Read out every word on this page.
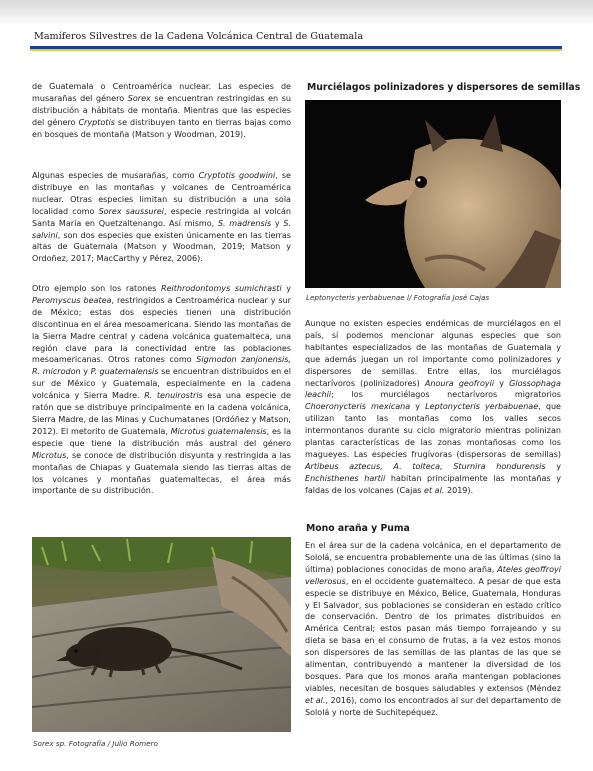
Mamíferos Silvestres de la Cadena Volcánica Central de Guatemala

de Guatemala o Centroamérica nuclear. Las especies de musarañas del género Sorex se encuentran restringidas en su distribución a hábitats de montaña. Mientras que las especies del género Cryptotis se distribuyen tanto en tierras bajas como en bosques de montaña (Matson y Woodman, 2019).

Algunas especies de musarañas, como Cryptotis goodwini, se distribuye en las montañas y volcanes de Centroamérica nuclear. Otras especies limitan su distribución a una sola localidad como Sorex saussurei, especie restringida al volcán Santa María en Quetzaltenango. Así mismo, S. madrensis y S. salvini, son dos especies que existen únicamente en las tierras altas de Guatemala (Matson y Woodman, 2019; Matson y Ordoñez, 2017; MacCarthy y Pérez, 2006).

Otro ejemplo son los ratones Reithrodontomys sumichrasti y Peromyscus beatea, restringidos a Centroamérica nuclear y sur de México; estas dos especies tienen una distribución discontinua en el área mesoamericana. Siendo las montañas de la Sierra Madre central y cadena volcánica guatemalteca, una región clave para la conectividad entre las poblaciones mesoamericanas. Otros ratones como Sigmodon zanjonensis, R. microdon y P. guatemalensis se encuentran distribuidos en el sur de México y Guatemala, especialmente en la cadena volcánica y Sierra Madre. R. tenuirostris esa una especie de ratón que se distribuye principalmente en la cadena volcánica, Sierra Madre, de las Minas y Cuchumatanes (Ordóñez y Matson, 2012). El metorito de Guatemala, Microtus guatemalensis, es la especie que tiene la distribución más austral del género Microtus, se conoce de distribución disyunta y restringida a las montañas de Chiapas y Guatemala siendo las tierras altas de los volcanes y montañas guatemaltecas, el área más importante de su distribución.

Sorex sp. Fotografía / Julio Romero

Murciélagos polinizadores y dispersores de semillas

Leptonycteris yerbabuenae l/ Fotografía José Cajas

Aunque no existen especies endémicas de murciélagos en el país, sí podemos mencionar algunas especies que son habitantes especializados de las montañas de Guatemala y que además juegan un rol importante como polinizadores y dispersores de semillas. Entre ellas, los murciélagos nectarívoros (polinizadores) Anoura geofroyii y Glossophaga leachii; los murciélagos nectarívoros migratorios Choeronycteris mexicana y Leptonycteris yerbabuenae, que utilizan tanto las montañas como los valles secos intermontanos durante su ciclo migratorio mientras polinizan plantas características de las zonas montañosas como los magueyes. Las especies frugívoras (dispersoras de semillas) Artibeus aztecus, A. tolteca, Sturnira hondurensis y Enchisthenes hartii habitan principalmente las montañas y faldas de los volcanes (Cajas et al. 2019).

Mono araña y Puma

En el área sur de la cadena volcánica, en el departamento de Sololá, se encuentra probablemente una de las últimas (sino la última) poblaciones conocidas de mono araña, Ateles geoffroyi vellerosus, en el occidente guatemalteco. A pesar de que esta especie se distribuye en México, Belice, Guatemala, Honduras y El Salvador, sus poblaciones se consideran en estado crítico de conservación. Dentro de los primates distribuidos en América Central; estos pasan más tiempo forrajeando y su dieta se basa en el consumo de frutas, a la vez estos monos son dispersores de las semillas de las plantas de las que se alimentan, contribuyendo a mantener la diversidad de los bosques. Para que los monos araña mantengan poblaciones viables, necesitan de bosques saludables y extensos (Méndez et al., 2016), como los encontrados al sur del departamento de Sololá y norte de Suchitepéquez.
